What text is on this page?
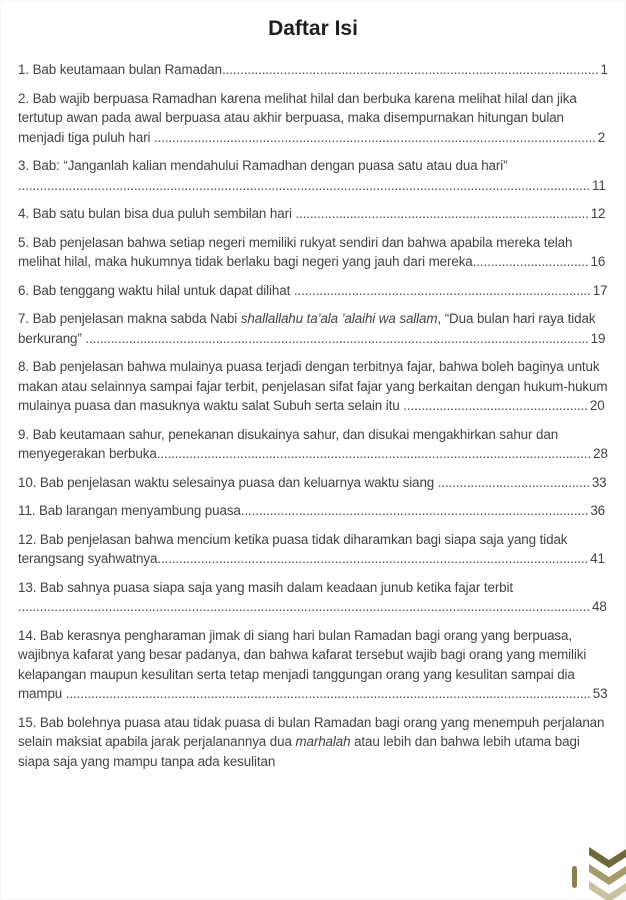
Daftar Isi

1. Bab keutamaan bulan Ramadan........................................................................................................ 1

2. Bab wajib berpuasa Ramadhan karena melihat hilal dan berbuka karena melihat hilal dan jika tertutup awan pada awal berpuasa atau akhir berpuasa, maka disempurnakan hitungan bulan menjadi tiga puluh hari .......................................................................................................................... 2

3. Bab: “Janganlah kalian mendahului Ramadhan dengan puasa satu atau dua hari” .............................................................................................................................................................. 11

4. Bab satu bulan bisa dua puluh sembilan hari ................................................................................. 12

5. Bab penjelasan bahwa setiap negeri memiliki rukyat sendiri dan bahwa apabila mereka telah melihat hilal, maka hukumnya tidak berlaku bagi negeri yang jauh dari mereka................................ 16

6. Bab tenggang waktu hilal untuk dapat dilihat .................................................................................. 17

7. Bab penjelasan makna sabda Nabi shallallahu ta’ala ’alaihi wa sallam, “Dua bulan hari raya tidak berkurang” ........................................................................................................................................... 19

8. Bab penjelasan bahwa mulainya puasa terjadi dengan terbitnya fajar, bahwa boleh baginya untuk makan atau selainnya sampai fajar terbit, penjelasan sifat fajar yang berkaitan dengan hukum-hukum mulainya puasa dan masuknya waktu salat Subuh serta selain itu ................................................... 20

9. Bab keutamaan sahur, penekanan disukainya sahur, dan disukai mengakhirkan sahur dan menyegerakan berbuka........................................................................................................................ 28

10. Bab penjelasan waktu selesainya puasa dan keluarnya waktu siang .......................................... 33

11. Bab larangan menyambung puasa................................................................................................ 36

12. Bab penjelasan bahwa mencium ketika puasa tidak diharamkan bagi siapa saja yang tidak terangsang syahwatnya....................................................................................................................... 41

13. Bab sahnya puasa siapa saja yang masih dalam keadaan junub ketika fajar terbit .............................................................................................................................................................. 48

14. Bab kerasnya pengharaman jimak di siang hari bulan Ramadan bagi orang yang berpuasa, wajibnya kafarat yang besar padanya, dan bahwa kafarat tersebut wajib bagi orang yang memiliki kelapangan maupun kesulitan serta tetap menjadi tanggungan orang yang kesulitan sampai dia mampu ................................................................................................................................................. 53

15. Bab bolehnya puasa atau tidak puasa di bulan Ramadan bagi orang yang menempuh perjalanan selain maksiat apabila jarak perjalanannya dua marhalah atau lebih dan bahwa lebih utama bagi siapa saja yang mampu tanpa ada kesulitan
